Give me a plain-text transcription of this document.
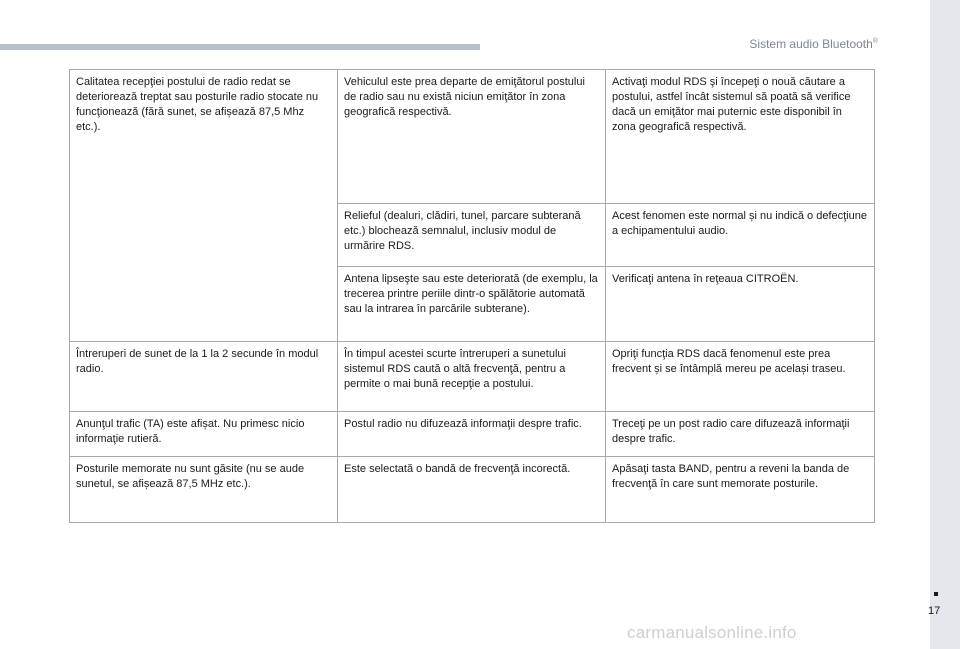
Sistem audio Bluetooth®
Calitatea recepţiei postului de radio redat se deteriorează treptat sau posturile radio stocate nu funcţionează (fără sunet, se afișează 87,5 Mhz etc.).	Vehiculul este prea departe de emiţătorul postului de radio sau nu există niciun emiţător în zona geografică respectivă.	Activaţi modul RDS şi începeţi o nouă căutare a postului, astfel încât sistemul să poată să verifice dacă un emiţător mai puternic este disponibil în zona geografică respectivă.
	Relieful (dealuri, clădiri, tunel, parcare subterană etc.) blochează semnalul, inclusiv modul de urmărire RDS.	Acest fenomen este normal și nu indică o defecţiune a echipamentului audio.
	Antena lipseşte sau este deteriorată (de exemplu, la trecerea printre periile dintr-o spălătorie automată sau la intrarea în parcările subterane).	Verificaţi antena în reţeaua CITROËN.
Întreruperi de sunet de la 1 la 2 secunde în modul radio.	În timpul acestei scurte întreruperi a sunetului sistemul RDS caută o altă frecvenţă, pentru a permite o mai bună recepţie a postului.	Opriţi funcţia RDS dacă fenomenul este prea frecvent și se întâmplă mereu pe același traseu.
Anunţul trafic (TA) este afișat. Nu primesc nicio informaţie rutieră.	Postul radio nu difuzează informaţii despre trafic.	Treceţi pe un post radio care difuzează informaţii despre trafic.
Posturile memorate nu sunt găsite (nu se aude sunetul, se afișează 87,5 MHz etc.).	Este selectată o bandă de frecvenţă incorectă.	Apăsaţi tasta BAND, pentru a reveni la banda de frecvenţă în care sunt memorate posturile.
17
carmanualsonline.info
